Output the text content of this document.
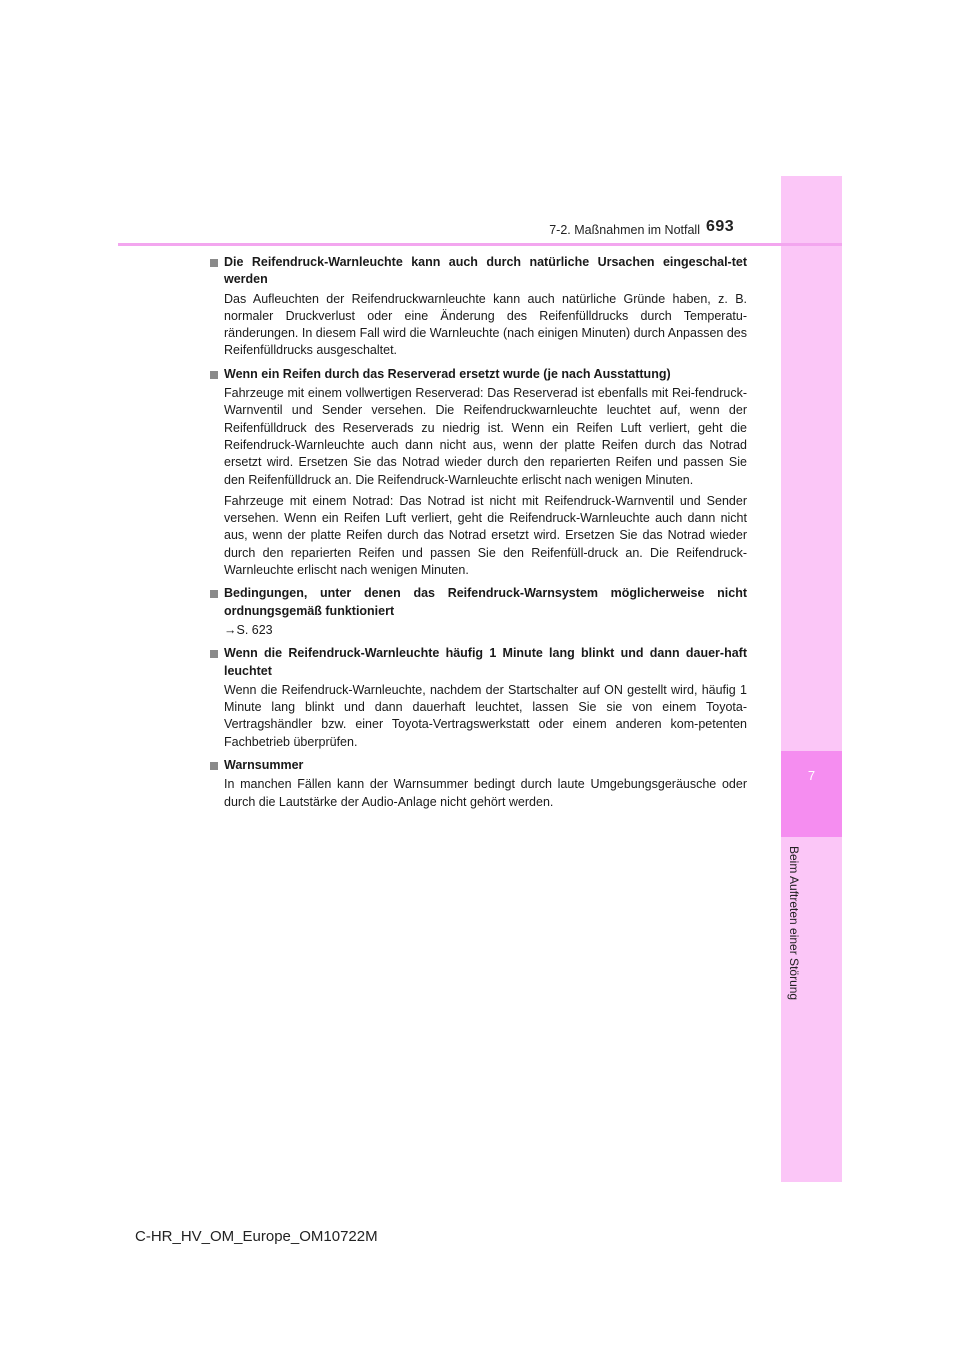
7
Beim Auftreten einer Störung
7-2. Maßnahmen im Notfall 693
Die Reifendruck-Warnleuchte kann auch durch natürliche Ursachen eingeschal-tet werden
Das Aufleuchten der Reifendruckwarnleuchte kann auch natürliche Gründe haben, z. B. normaler Druckverlust oder eine Änderung des Reifenfülldrucks durch Temperatu-ränderungen. In diesem Fall wird die Warnleuchte (nach einigen Minuten) durch Anpassen des Reifenfülldrucks ausgeschaltet.
Wenn ein Reifen durch das Reserverad ersetzt wurde (je nach Ausstattung)
Fahrzeuge mit einem vollwertigen Reserverad: Das Reserverad ist ebenfalls mit Rei-fendruck-Warnventil und Sender versehen. Die Reifendruckwarnleuchte leuchtet auf, wenn der Reifenfülldruck des Reserverads zu niedrig ist. Wenn ein Reifen Luft verliert, geht die Reifendruck-Warnleuchte auch dann nicht aus, wenn der platte Reifen durch das Notrad ersetzt wird. Ersetzen Sie das Notrad wieder durch den reparierten Reifen und passen Sie den Reifenfülldruck an. Die Reifendruck-Warnleuchte erlischt nach wenigen Minuten.
Fahrzeuge mit einem Notrad: Das Notrad ist nicht mit Reifendruck-Warnventil und Sender versehen. Wenn ein Reifen Luft verliert, geht die Reifendruck-Warnleuchte auch dann nicht aus, wenn der platte Reifen durch das Notrad ersetzt wird. Ersetzen Sie das Notrad wieder durch den reparierten Reifen und passen Sie den Reifenfüll-druck an. Die Reifendruck-Warnleuchte erlischt nach wenigen Minuten.
Bedingungen, unter denen das Reifendruck-Warnsystem möglicherweise nicht ordnungsgemäß funktioniert
→S. 623
Wenn die Reifendruck-Warnleuchte häufig 1 Minute lang blinkt und dann dauer-haft leuchtet
Wenn die Reifendruck-Warnleuchte, nachdem der Startschalter auf ON gestellt wird, häufig 1 Minute lang blinkt und dann dauerhaft leuchtet, lassen Sie sie von einem Toyota-Vertragshändler bzw. einer Toyota-Vertragswerkstatt oder einem anderen kom-petenten Fachbetrieb überprüfen.
Warnsummer
In manchen Fällen kann der Warnsummer bedingt durch laute Umgebungsgeräusche oder durch die Lautstärke der Audio-Anlage nicht gehört werden.
C-HR_HV_OM_Europe_OM10722M
